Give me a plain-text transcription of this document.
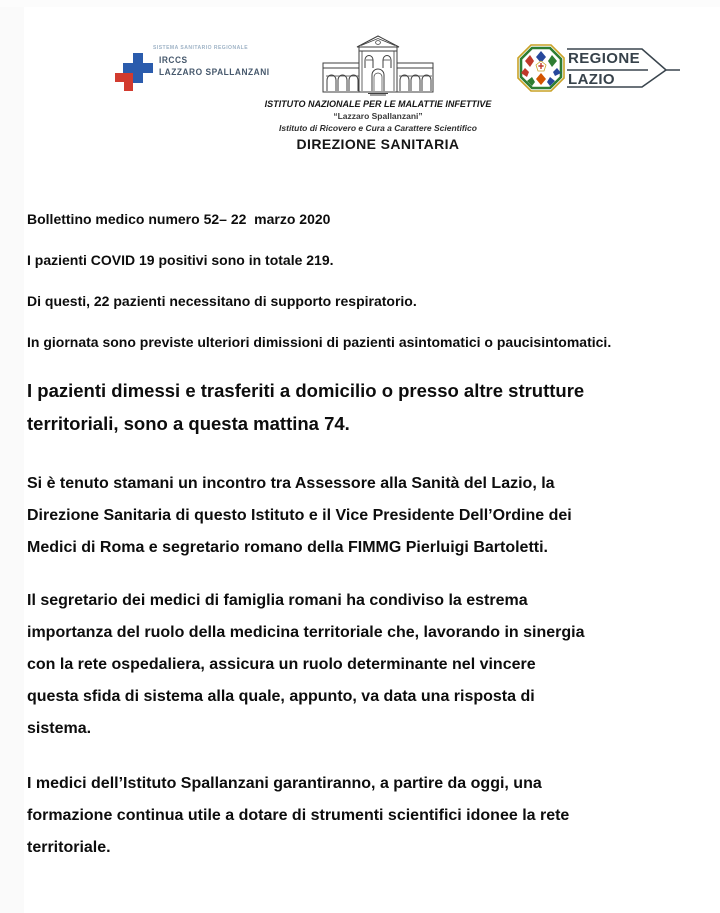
SISTEMA SANITARIO REGIONALE
IRCCS
LAZZARO SPALLANZANI
ISTITUTO NAZIONALE PER LE MALATTIE INFETTIVE
“Lazzaro Spallanzani”
Istituto di Ricovero e Cura a Carattere Scientifico
DIREZIONE SANITARIA
REGIONE
LAZIO
Bollettino medico numero 52– 22  marzo 2020
I pazienti COVID 19 positivi sono in totale 219.
Di questi, 22 pazienti necessitano di supporto respiratorio.
In giornata sono previste ulteriori dimissioni di pazienti asintomatici o paucisintomatici.
I pazienti dimessi e trasferiti a domicilio o presso altre strutture
territoriali, sono a questa mattina 74.
Si è tenuto stamani un incontro tra Assessore alla Sanità del Lazio, la
Direzione Sanitaria di questo Istituto e il Vice Presidente Dell’Ordine dei
Medici di Roma e segretario romano della FIMMG Pierluigi Bartoletti.
Il segretario dei medici di famiglia romani ha condiviso la estrema
importanza del ruolo della medicina territoriale che, lavorando in sinergia
con la rete ospedaliera, assicura un ruolo determinante nel vincere
questa sfida di sistema alla quale, appunto, va data una risposta di
sistema.
I medici dell’Istituto Spallanzani garantiranno, a partire da oggi, una
formazione continua utile a dotare di strumenti scientifici idonee la rete
territoriale.
